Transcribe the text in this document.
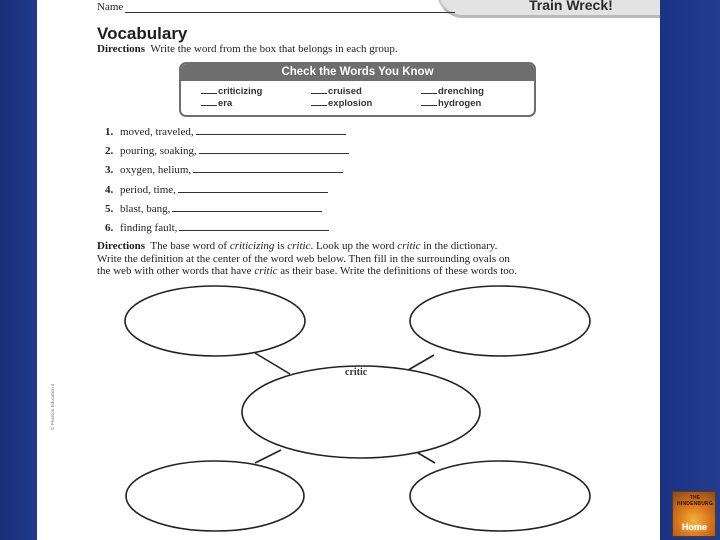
Train Wreck!
Name
Vocabulary
Directions Write the word from the box that belongs in each group.
Check the Words You Know
criticizing	cruised	drenching
era	explosion	hydrogen
1. moved, traveled,
2. pouring, soaking,
3. oxygen, helium,
4. period, time,
5. blast, bang,
6. finding fault,
Directions The base word of criticizing is critic. Look up the word critic in the dictionary.
Write the definition at the center of the word web below. Then fill in the surrounding ovals on
the web with other words that have critic as their base. Write the definitions of these words too.
critic
© Pearson Education 4
THE HINDENBURG
Home
